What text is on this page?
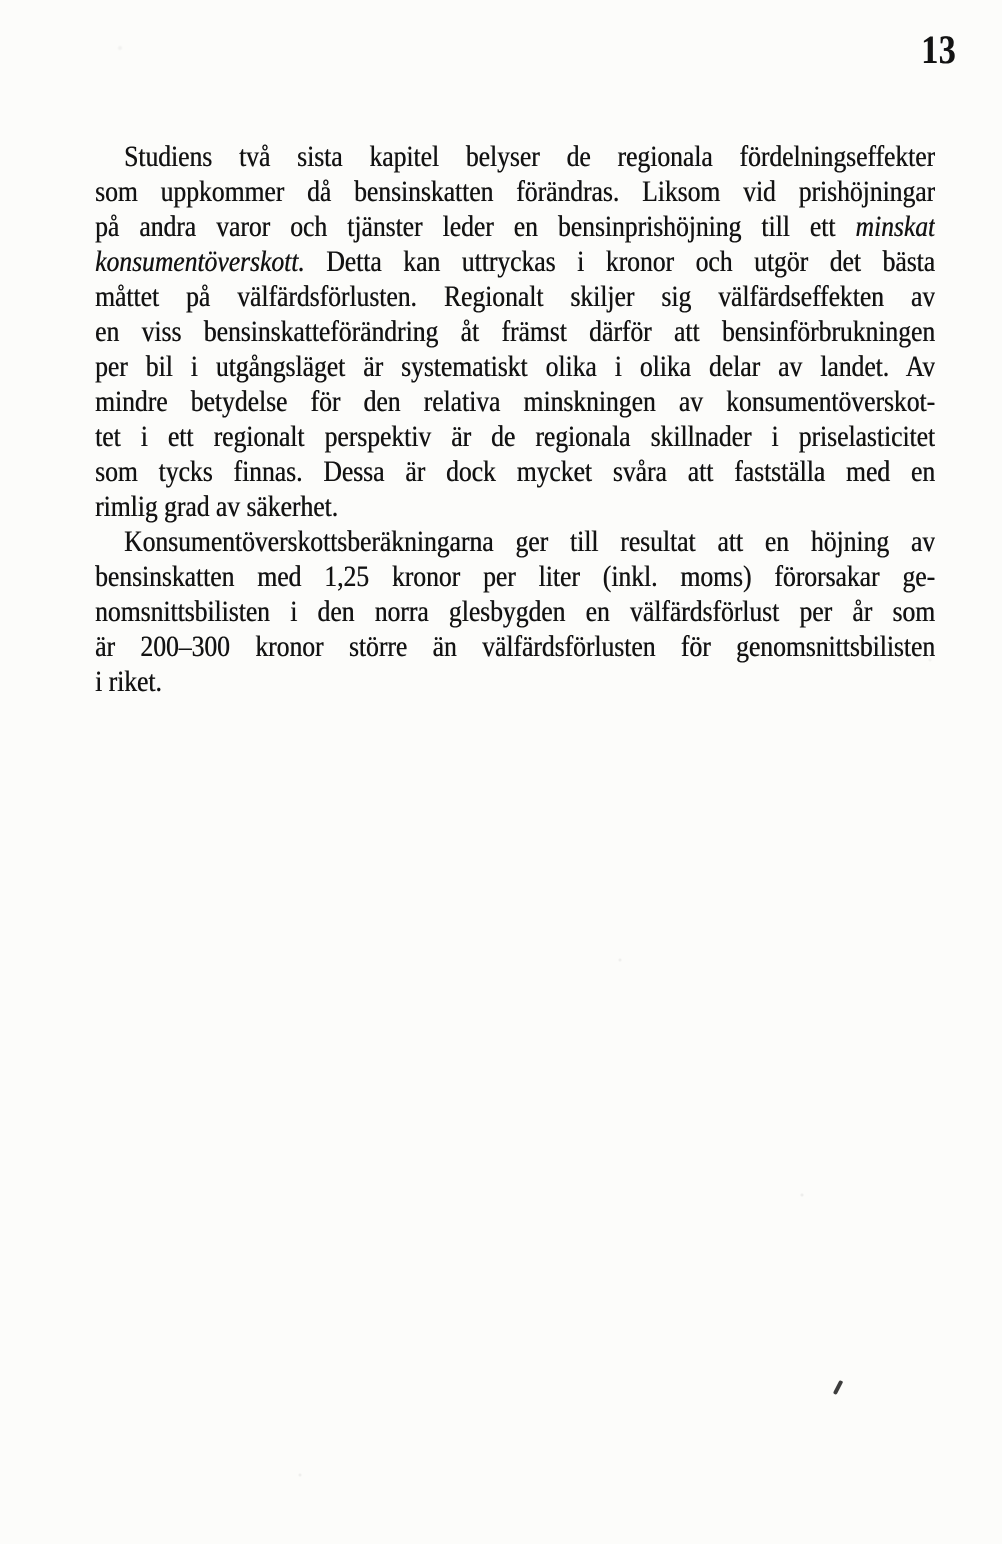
13
Studiens två sista kapitel belyser de regionala fördelningseffekter
som uppkommer då bensinskatten förändras. Liksom vid prishöjningar
på andra varor och tjänster leder en bensinprishöjning till ett minskat
konsumentöverskott. Detta kan uttryckas i kronor och utgör det bästa
måttet på välfärdsförlusten. Regionalt skiljer sig välfärdseffekten av
en viss bensinskatteförändring åt främst därför att bensinförbrukningen
per bil i utgångsläget är systematiskt olika i olika delar av landet. Av
mindre betydelse för den relativa minskningen av konsumentöverskot-
tet i ett regionalt perspektiv är de regionala skillnader i priselasticitet
som tycks finnas. Dessa är dock mycket svåra att fastställa med en
rimlig grad av säkerhet.
Konsumentöverskottsberäkningarna ger till resultat att en höjning av
bensinskatten med 1,25 kronor per liter (inkl. moms) förorsakar ge-
nomsnittsbilisten i den norra glesbygden en välfärdsförlust per år som
är 200–300 kronor större än välfärdsförlusten för genomsnittsbilisten
i riket.
